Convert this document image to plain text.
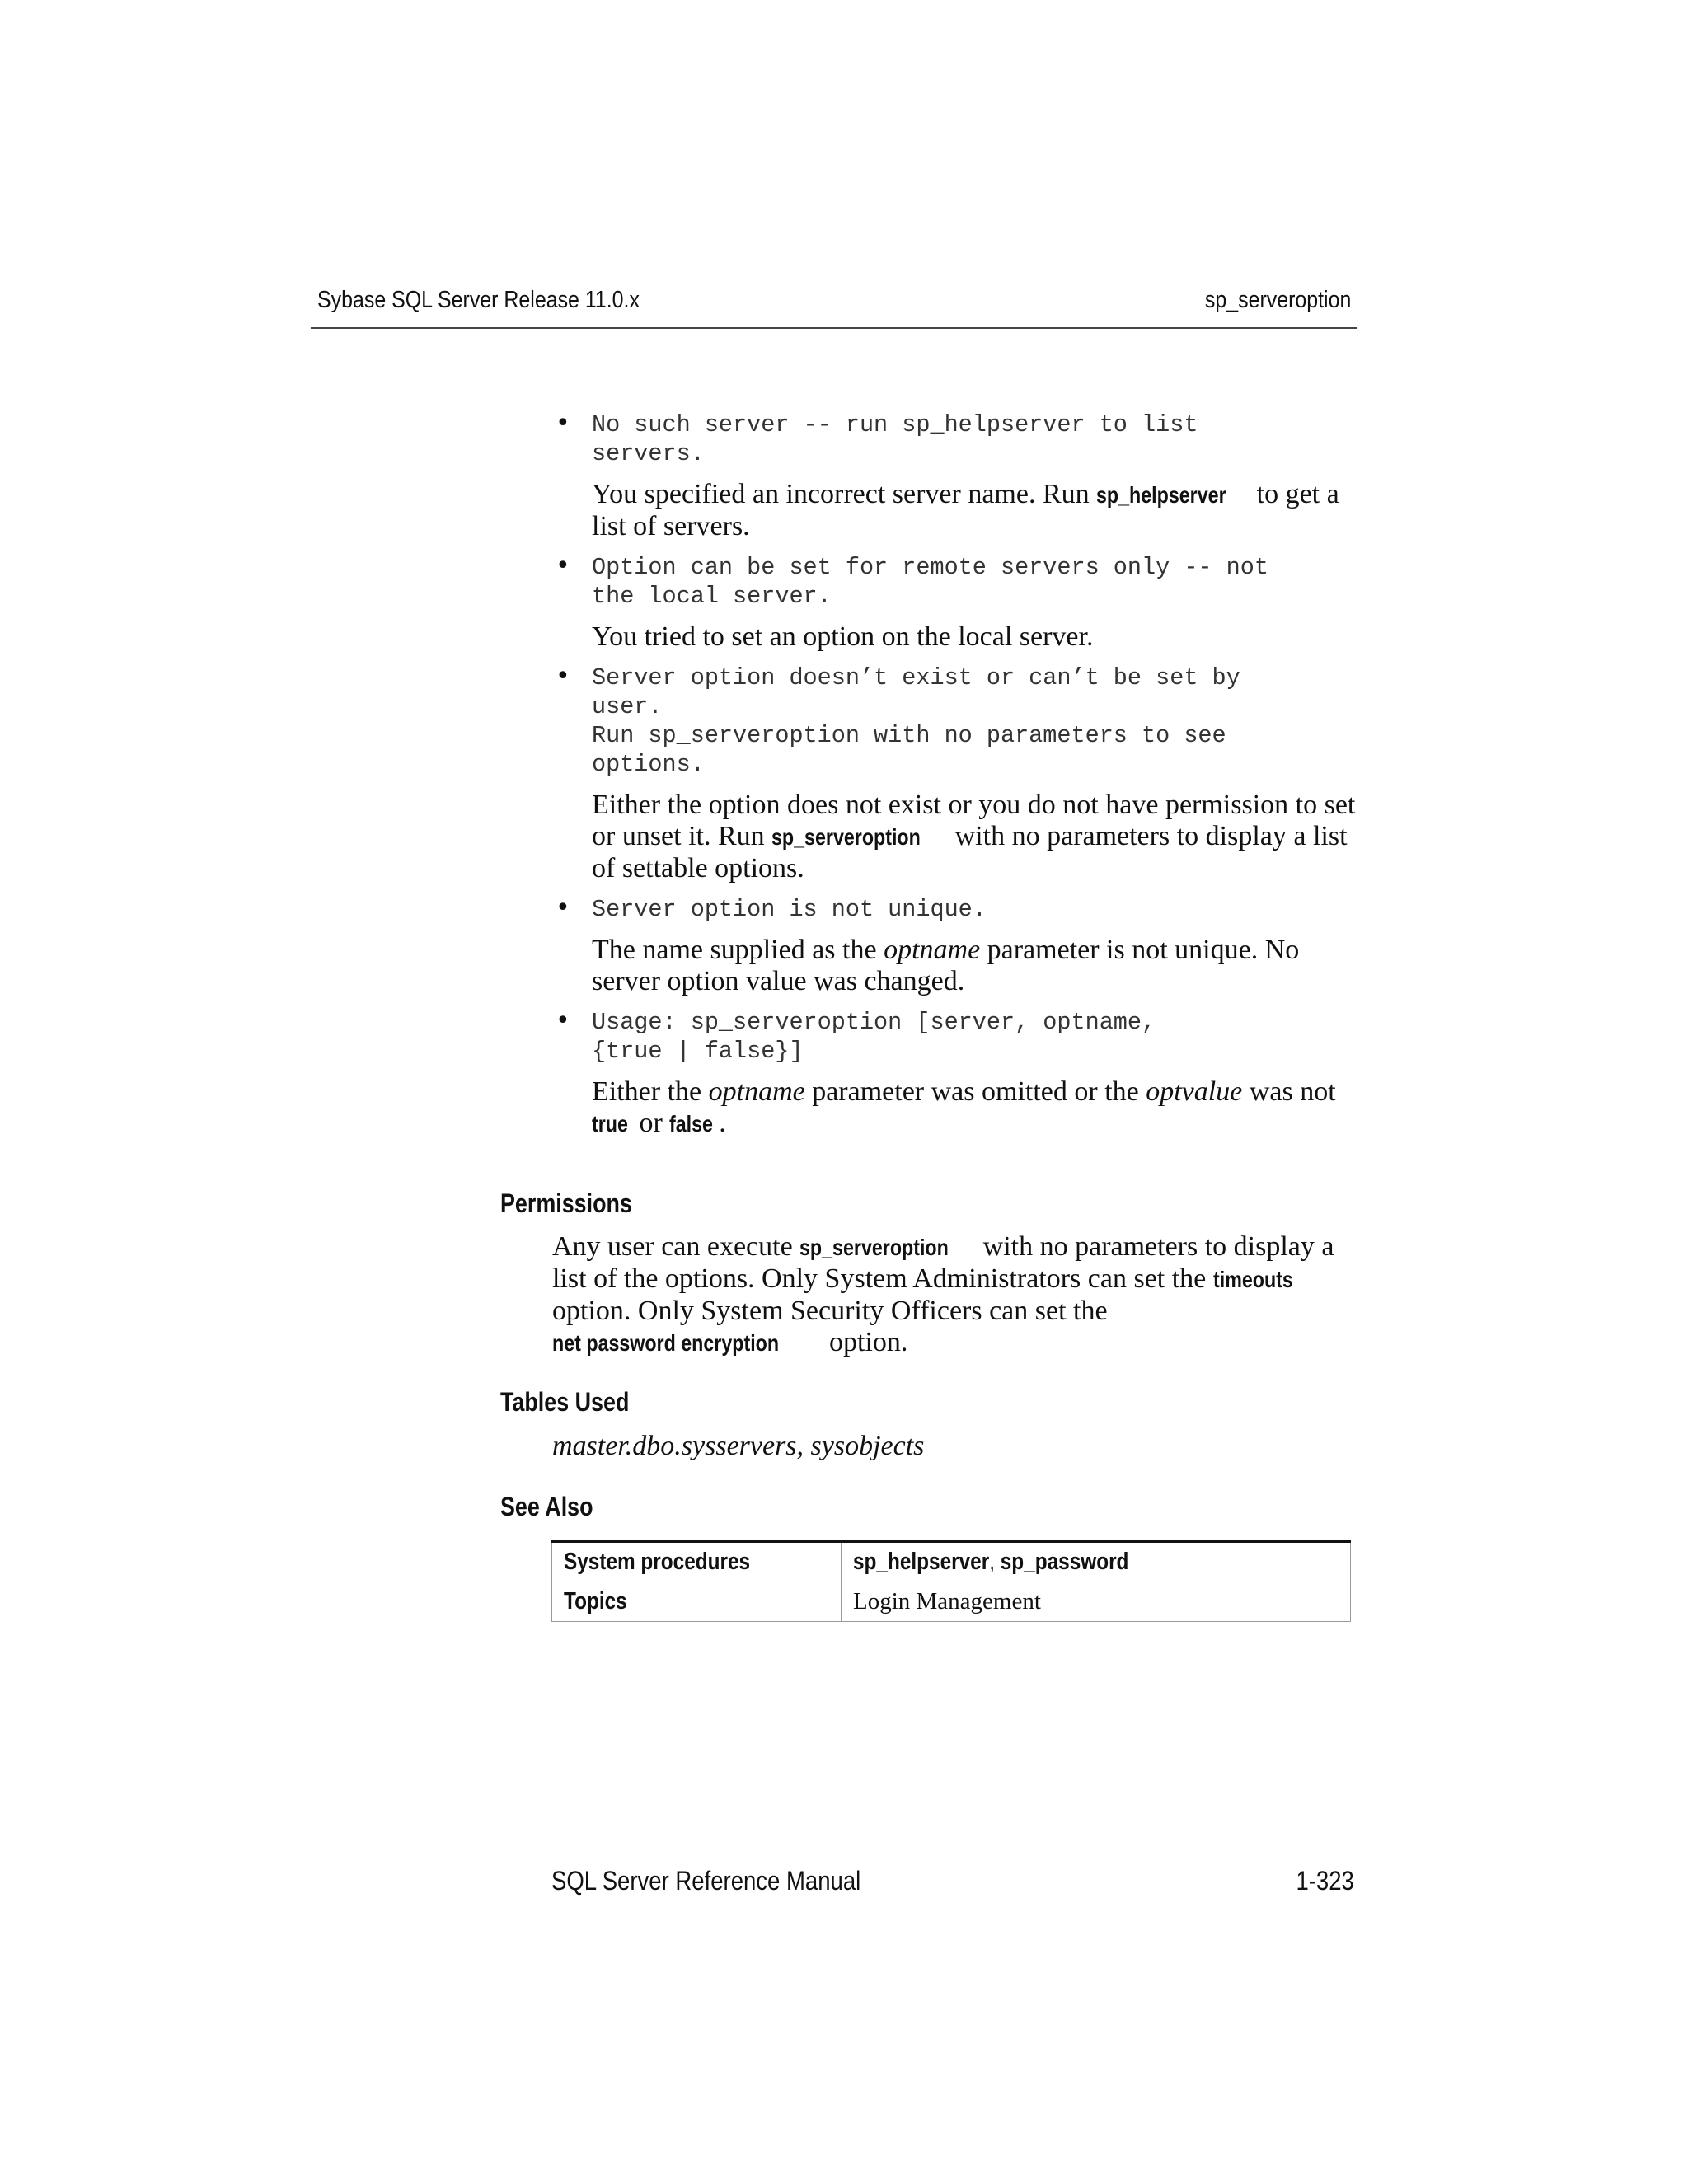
Sybase SQL Server Release 11.0.x	sp_serveroption
• No such server -- run sp_helpserver to list
servers.
You specified an incorrect server name. Run sp_helpserver to get a list of servers.
• Option can be set for remote servers only -- not
the local server.
You tried to set an option on the local server.
• Server option doesn’t exist or can’t be set by
user.
Run sp_serveroption with no parameters to see
options.
Either the option does not exist or you do not have permission to set or unset it. Run sp_serveroption with no parameters to display a list of settable options.
• Server option is not unique.
The name supplied as the optname parameter is not unique. No server option value was changed.
• Usage: sp_serveroption [server, optname,
{true | false}]
Either the optname parameter was omitted or the optvalue was not true or false .
Permissions
Any user can execute sp_serveroption with no parameters to display a list of the options. Only System Administrators can set the timeouts option. Only System Security Officers can set the net password encryption option.
Tables Used
master.dbo.sysservers, sysobjects
See Also
System procedures	sp_helpserver, sp_password
Topics	Login Management
SQL Server Reference Manual	1-323
